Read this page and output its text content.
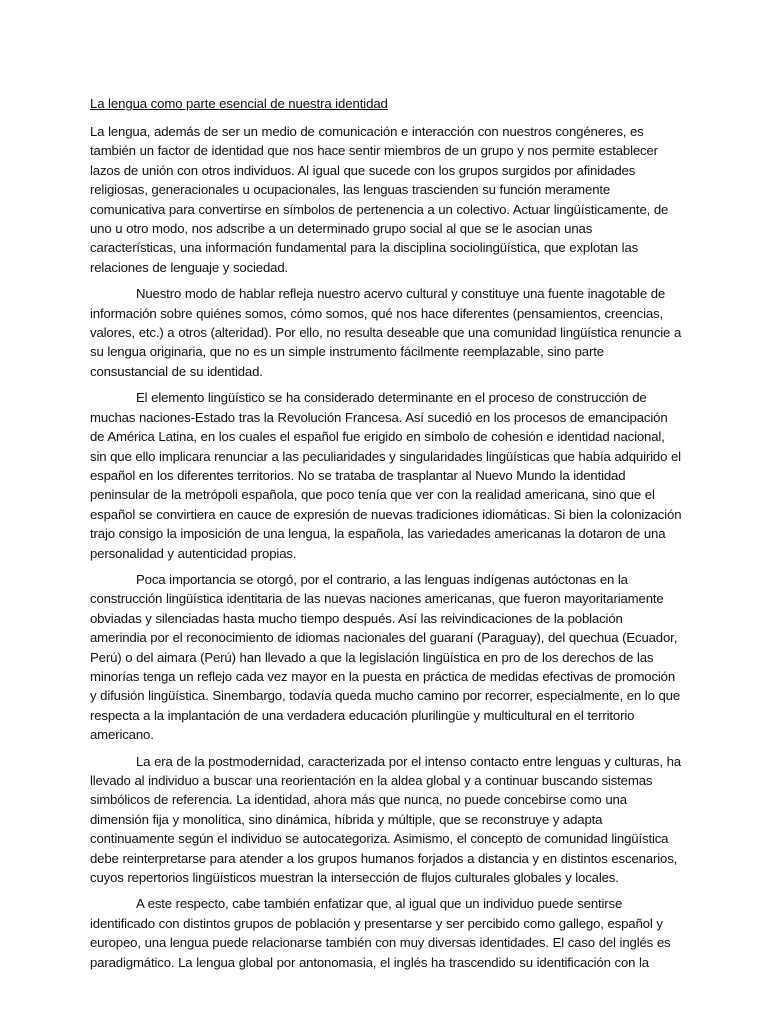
La lengua como parte esencial de nuestra identidad

La lengua, además de ser un medio de comunicación e interacción con nuestros congéneres, es también un factor de identidad que nos hace sentir miembros de un grupo y nos permite establecer lazos de unión con otros individuos. Al igual que sucede con los grupos surgidos por afinidades religiosas, generacionales u ocupacionales, las lenguas trascienden su función meramente comunicativa para convertirse en símbolos de pertenencia a un colectivo. Actuar lingüísticamente, de uno u otro modo, nos adscribe a un determinado grupo social al que se le asocian unas características, una información fundamental para la disciplina sociolingüística, que explotan las relaciones de lenguaje y sociedad.

Nuestro modo de hablar refleja nuestro acervo cultural y constituye una fuente inagotable de información sobre quiénes somos, cómo somos, qué nos hace diferentes (pensamientos, creencias, valores, etc.) a otros (alteridad). Por ello, no resulta deseable que una comunidad lingüística renuncie a su lengua originaria, que no es un simple instrumento fácilmente reemplazable, sino parte consustancial de su identidad.

El elemento lingüístico se ha considerado determinante en el proceso de construcción de muchas naciones-Estado tras la Revolución Francesa. Así sucedió en los procesos de emancipación de América Latina, en los cuales el español fue erigido en símbolo de cohesión e identidad nacional, sin que ello implicara renunciar a las peculiaridades y singularidades lingüísticas que había adquirido el español en los diferentes territorios. No se trataba de trasplantar al Nuevo Mundo la identidad peninsular de la metrópoli española, que poco tenía que ver con la realidad americana, sino que el español se convirtiera en cauce de expresión de nuevas tradiciones idiomáticas. Si bien la colonización trajo consigo la imposición de una lengua, la española, las variedades americanas la dotaron de una personalidad y autenticidad propias.

Poca importancia se otorgó, por el contrario, a las lenguas indígenas autóctonas en la construcción lingüística identitaria de las nuevas naciones americanas, que fueron mayoritariamente obviadas y silenciadas hasta mucho tiempo después. Así las reivindicaciones de la población amerindia por el reconocimiento de idiomas nacionales del guaraní (Paraguay), del quechua (Ecuador, Perú) o del aimara (Perú) han llevado a que la legislación lingüística en pro de los derechos de las minorías tenga un reflejo cada vez mayor en la puesta en práctica de medidas efectivas de promoción y difusión lingüística. Sinembargo, todavía queda mucho camino por recorrer, especialmente, en lo que respecta a la implantación de una verdadera educación plurilingüe y multicultural en el territorio americano.

La era de la postmodernidad, caracterizada por el intenso contacto entre lenguas y culturas, ha llevado al individuo a buscar una reorientación en la aldea global y a continuar buscando sistemas simbólicos de referencia. La identidad, ahora más que nunca, no puede concebirse como una dimensión fija y monolítica, sino dinámica, híbrida y múltiple, que se reconstruye y adapta continuamente según el individuo se autocategoriza. Asimismo, el concepto de comunidad lingüística debe reinterpretarse para atender a los grupos humanos forjados a distancia y en distintos escenarios, cuyos repertorios lingüísticos muestran la intersección de flujos culturales globales y locales.

A este respecto, cabe también enfatizar que, al igual que un individuo puede sentirse identificado con distintos grupos de población y presentarse y ser percibido como gallego, español y europeo, una lengua puede relacionarse también con muy diversas identidades. El caso del inglés es paradigmático. La lengua global por antonomasia, el inglés ha trascendido su identificación con la
